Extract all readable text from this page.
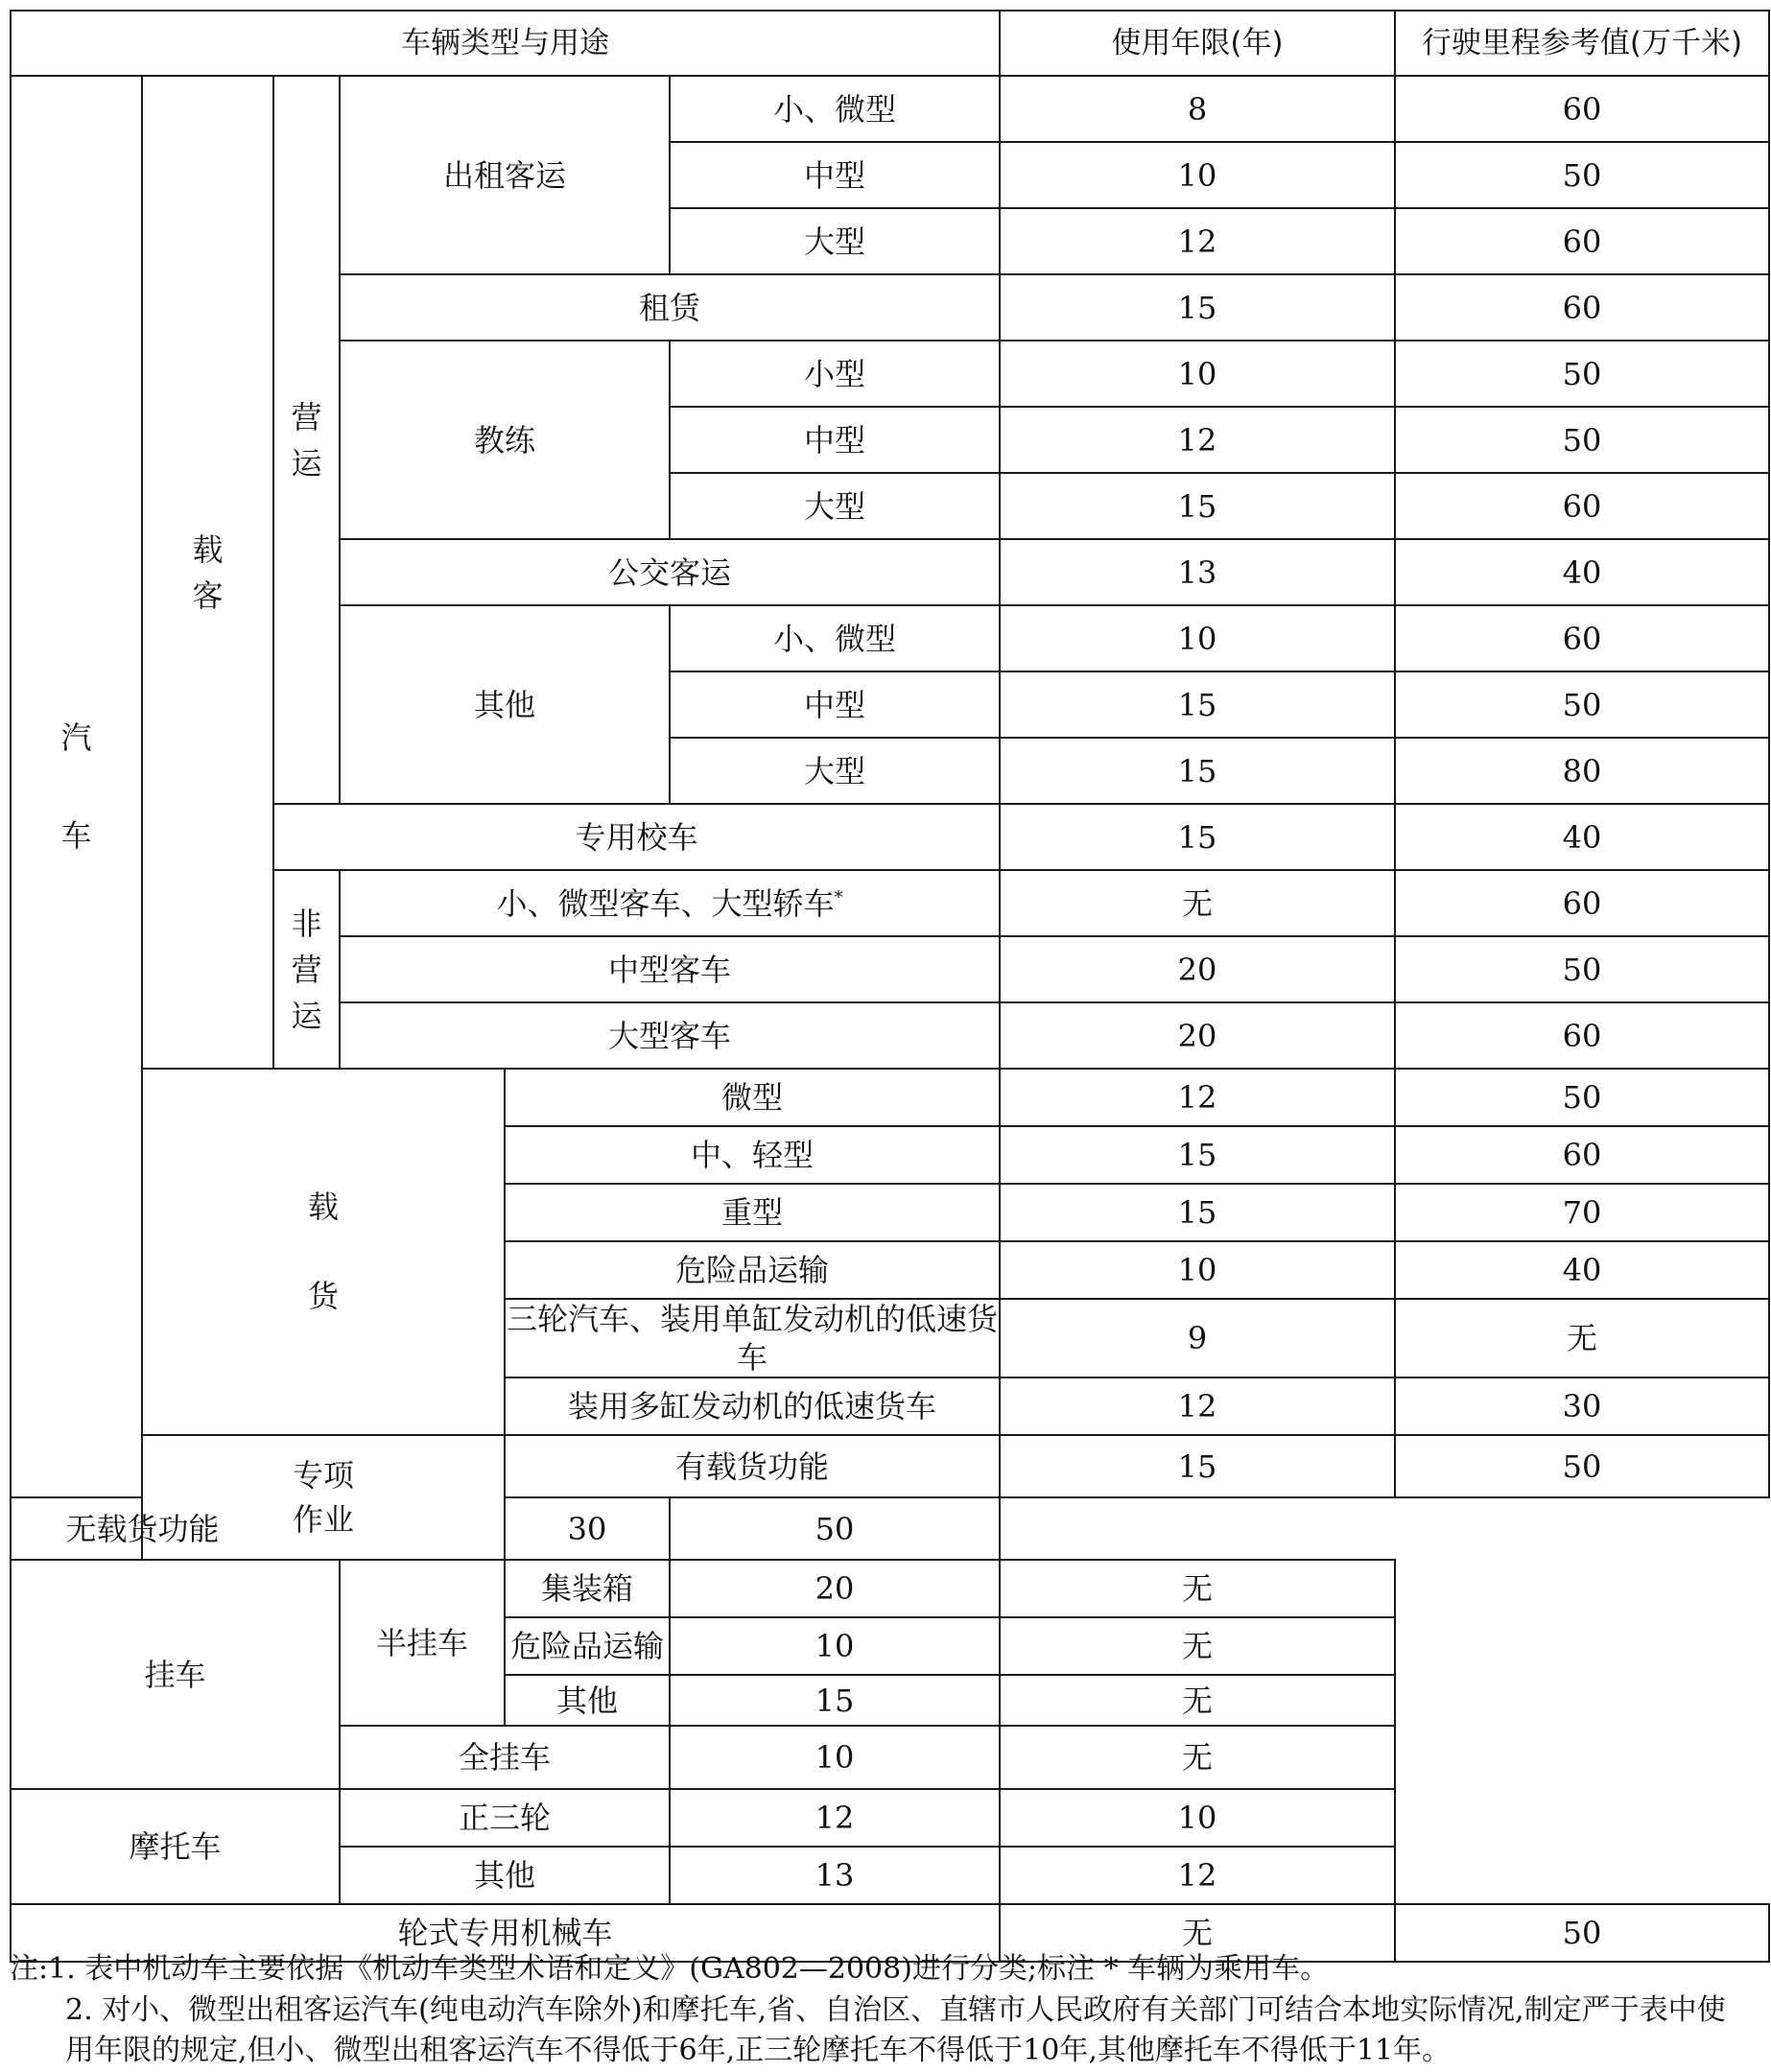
车辆类型与用途						使用年限(年)	行驶里程参考值(万千米)
汽车	载客	营运	出租客运		小、微型	8	60
					中型	10	50
					大型	12	60
			租赁			15	60
			教练		小型	10	50
					中型	12	50
					大型	15	60
			公交客运			13	40
			其他		小、微型	10	60
					中型	15	50
					大型	15	80
		专用校车				15	40
		非营运	小、微型客车、大型轿车*			无	60
			中型客车			20	50
			大型客车			20	60
	载货			微型		12	50
				中、轻型		15	60
				重型		15	70
				危险品运输		10	40
				三轮汽车、装用单缸发动机的低速货车		9	无
				装用多缸发动机的低速货车		12	30
	专项作业			有载货功能		15	50
无载货功能				30	50		
挂车			半挂车	集装箱	20	无	
				危险品运输	10	无	
				其他	15	无	
			全挂车		10	无	
摩托车			正三轮		12	10	
			其他		13	12	
轮式专用机械车						无	50
注:1. 表中机动车主要依据《机动车类型术语和定义》(GA802—2008)进行分类;标注 * 车辆为乘用车。
2. 对小、微型出租客运汽车(纯电动汽车除外)和摩托车,省、自治区、直辖市人民政府有关部门可结合本地实际情况,制定严于表中使用年限的规定,但小、微型出租客运汽车不得低于6年,正三轮摩托车不得低于10年,其他摩托车不得低于11年。
